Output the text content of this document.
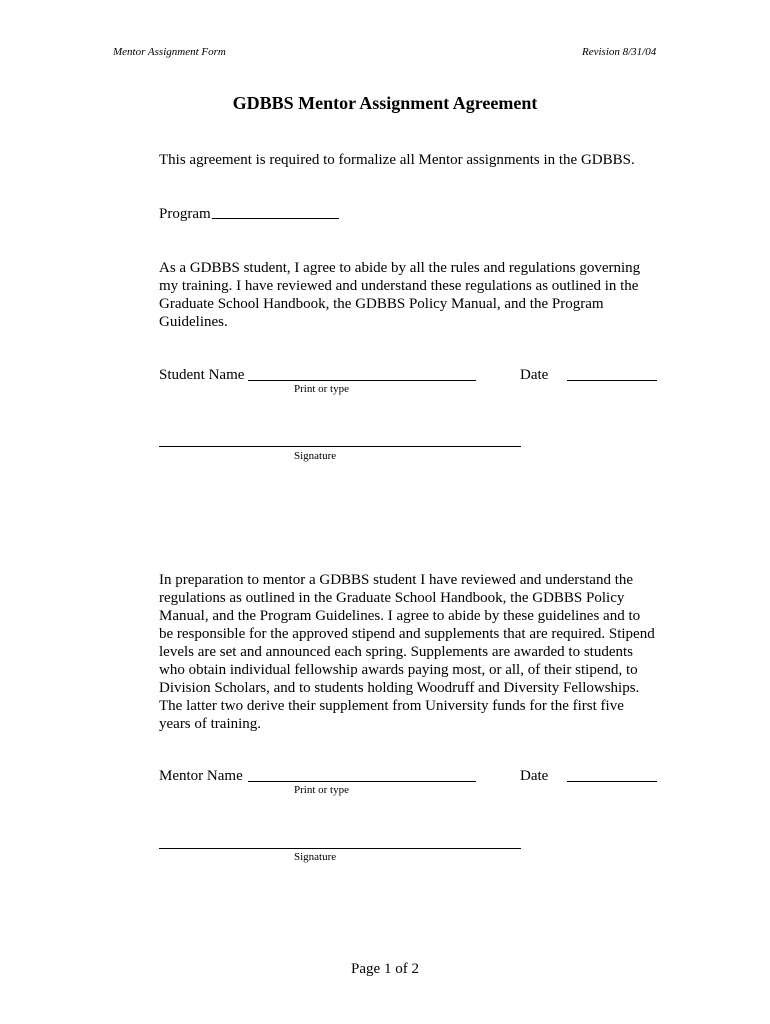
Mentor Assignment Form	Revision 8/31/04
GDBBS Mentor Assignment Agreement
This agreement is required to formalize all Mentor assignments in the GDBBS.
Program
As a GDBBS student, I agree to abide by all the rules and regulations governing my training. I have reviewed and understand these regulations as outlined in the Graduate School Handbook, the GDBBS Policy Manual, and the Program Guidelines.
Student Name	Date
Print or type
Signature
In preparation to mentor a GDBBS student I have reviewed and understand the regulations as outlined in the Graduate School Handbook, the GDBBS Policy Manual, and the Program Guidelines. I agree to abide by these guidelines and to be responsible for the approved stipend and supplements that are required. Stipend levels are set and announced each spring. Supplements are awarded to students who obtain individual fellowship awards paying most, or all, of their stipend, to Division Scholars, and to students holding Woodruff and Diversity Fellowships. The latter two derive their supplement from University funds for the first five years of training.
Mentor Name	Date
Print or type
Signature
Page 1 of 2
